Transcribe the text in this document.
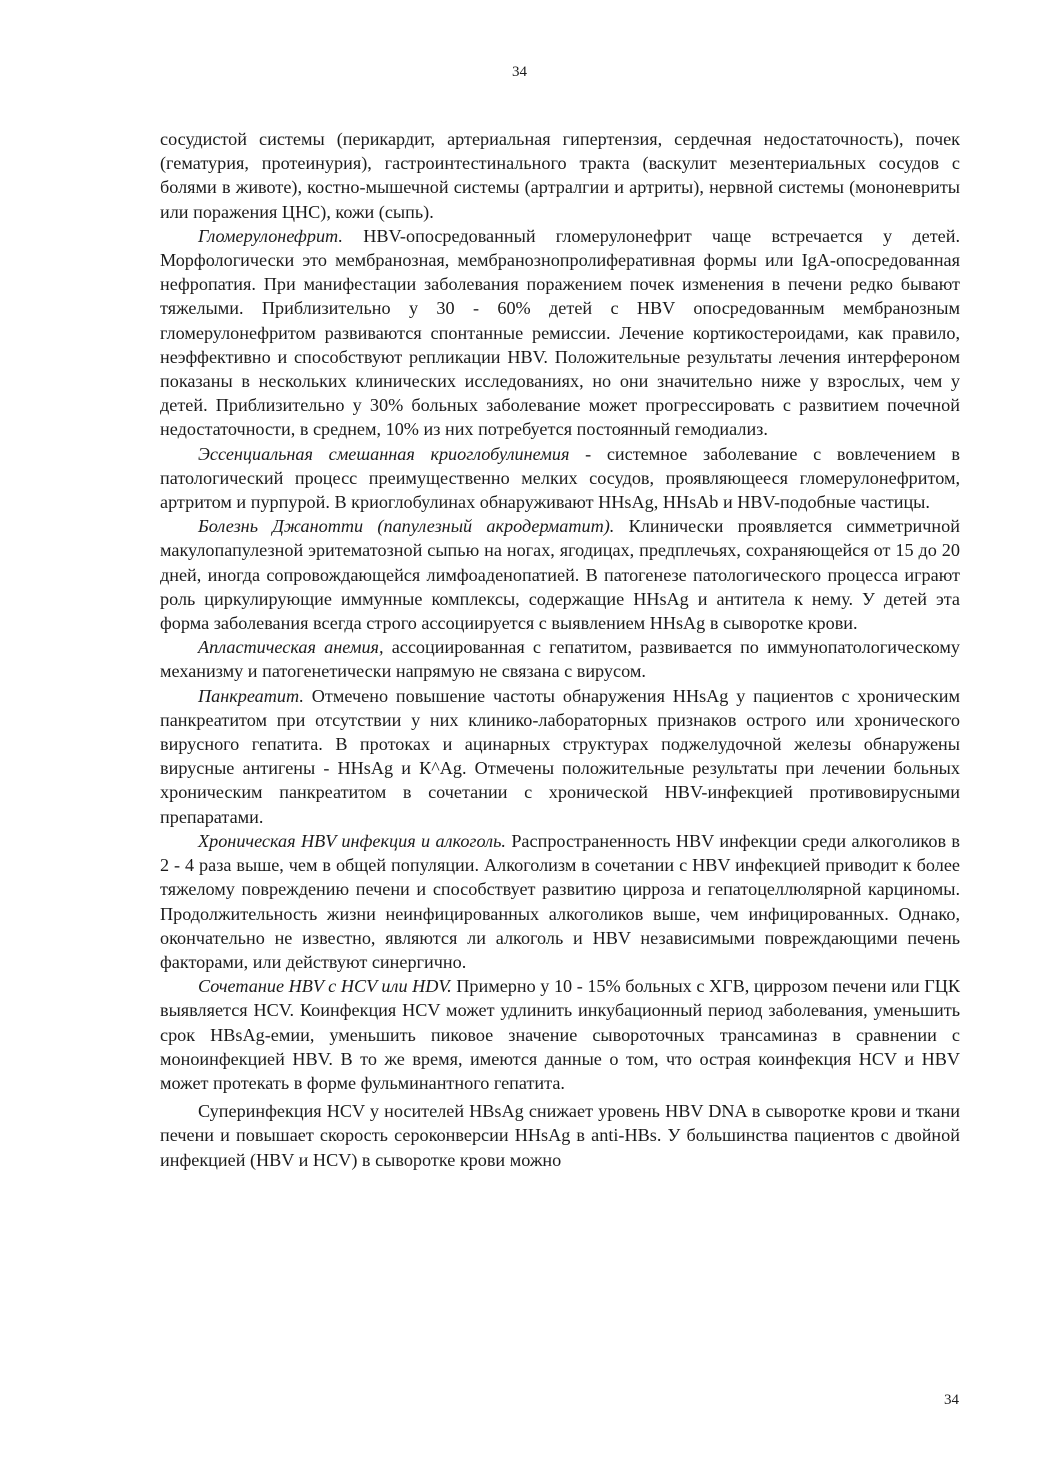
34

сосудистой системы (перикардит, артериальная гипертензия, сердечная недостаточность), почек (гематурия, протеинурия), гастроинтестинального тракта (васкулит мезентериальных сосудов с болями в животе), костно-мышечной системы (артралгии и артриты), нервной системы (мононевриты или поражения ЦНС), кожи (сыпь).

Гломерулонефрит. HBV-опосредованный гломерулонефрит чаще встречается у детей. Морфологически это мембранозная, мембранознопролиферативная формы или IgA-опосредованная нефропатия. При манифестации заболевания поражением почек изменения в печени редко бывают тяжелыми. Приблизительно у 30 - 60% детей с HBV опосредованным мембранозным гломерулонефритом развиваются спонтанные ремиссии. Лечение кортикостероидами, как правило, неэффективно и способствуют репликации HBV. Положительные результаты лечения интерфероном показаны в нескольких клинических исследованиях, но они значительно ниже у взрослых, чем у детей. Приблизительно у 30% больных заболевание может прогрессировать с развитием почечной недостаточности, в среднем, 10% из них потребуется постоянный гемодиализ.

Эссенциальная смешанная криоглобулинемия - системное заболевание с вовлечением в патологический процесс преимущественно мелких сосудов, проявляющееся гломерулонефритом, артритом и пурпурой. В криоглобулинах обнаруживают HHsAg, HHsAb и HBV-подобные частицы.

Болезнь Джанотти (папулезный акродерматит). Клинически проявляется симметричной макулопапулезной эритематозной сыпью на ногах, ягодицах, предплечьях, сохраняющейся от 15 до 20 дней, иногда сопровождающейся лимфоаденопатией. В патогенезе патологического процесса играют роль циркулирующие иммунные комплексы, содержащие HHsAg и антитела к нему. У детей эта форма заболевания всегда строго ассоциируется с выявлением HHsAg в сыворотке крови.

Апластическая анемия, ассоциированная с гепатитом, развивается по иммунопатологическому механизму и патогенетически напрямую не связана с вирусом.

Панкреатит. Отмечено повышение частоты обнаружения HHsAg у пациентов с хроническим панкреатитом при отсутствии у них клинико-лабораторных признаков острого или хронического вирусного гепатита. В протоках и ацинарных структурах поджелудочной железы обнаружены вирусные антигены - HHsAg и К^Ag. Отмечены положительные результаты при лечении больных хроническим панкреатитом в сочетании с хронической HBV-инфекцией противовирусными препаратами.

Хроническая HBV инфекция и алкоголь. Распространенность HBV инфекции среди алкоголиков в 2 - 4 раза выше, чем в общей популяции. Алкоголизм в сочетании с HBV инфекцией приводит к более тяжелому повреждению печени и способствует развитию цирроза и гепатоцеллюлярной карциномы. Продолжительность жизни неинфицированных алкоголиков выше, чем инфицированных. Однако, окончательно не известно, являются ли алкоголь и HBV независимыми повреждающими печень факторами, или действуют синергично.

Сочетание HBV с HCV или HDV. Примерно у 10 - 15% больных с ХГВ, циррозом печени или ГЦК выявляется HCV. Коинфекция HCV может удлинить инкубационный период заболевания, уменьшить срок HBsAg-емии, уменьшить пиковое значение сывороточных трансаминаз в сравнении с моноинфекцией HBV. В то же время, имеются данные о том, что острая коинфекция HCV и HBV может протекать в форме фульминантного гепатита.

Суперинфекция HCV у носителей HBsAg снижает уровень HBV DNA в сыворотке крови и ткани печени и повышает скорость сероконверсии HHsAg в anti-HBs. У большинства пациентов с двойной инфекцией (HBV и HCV) в сыворотке крови можно

34
